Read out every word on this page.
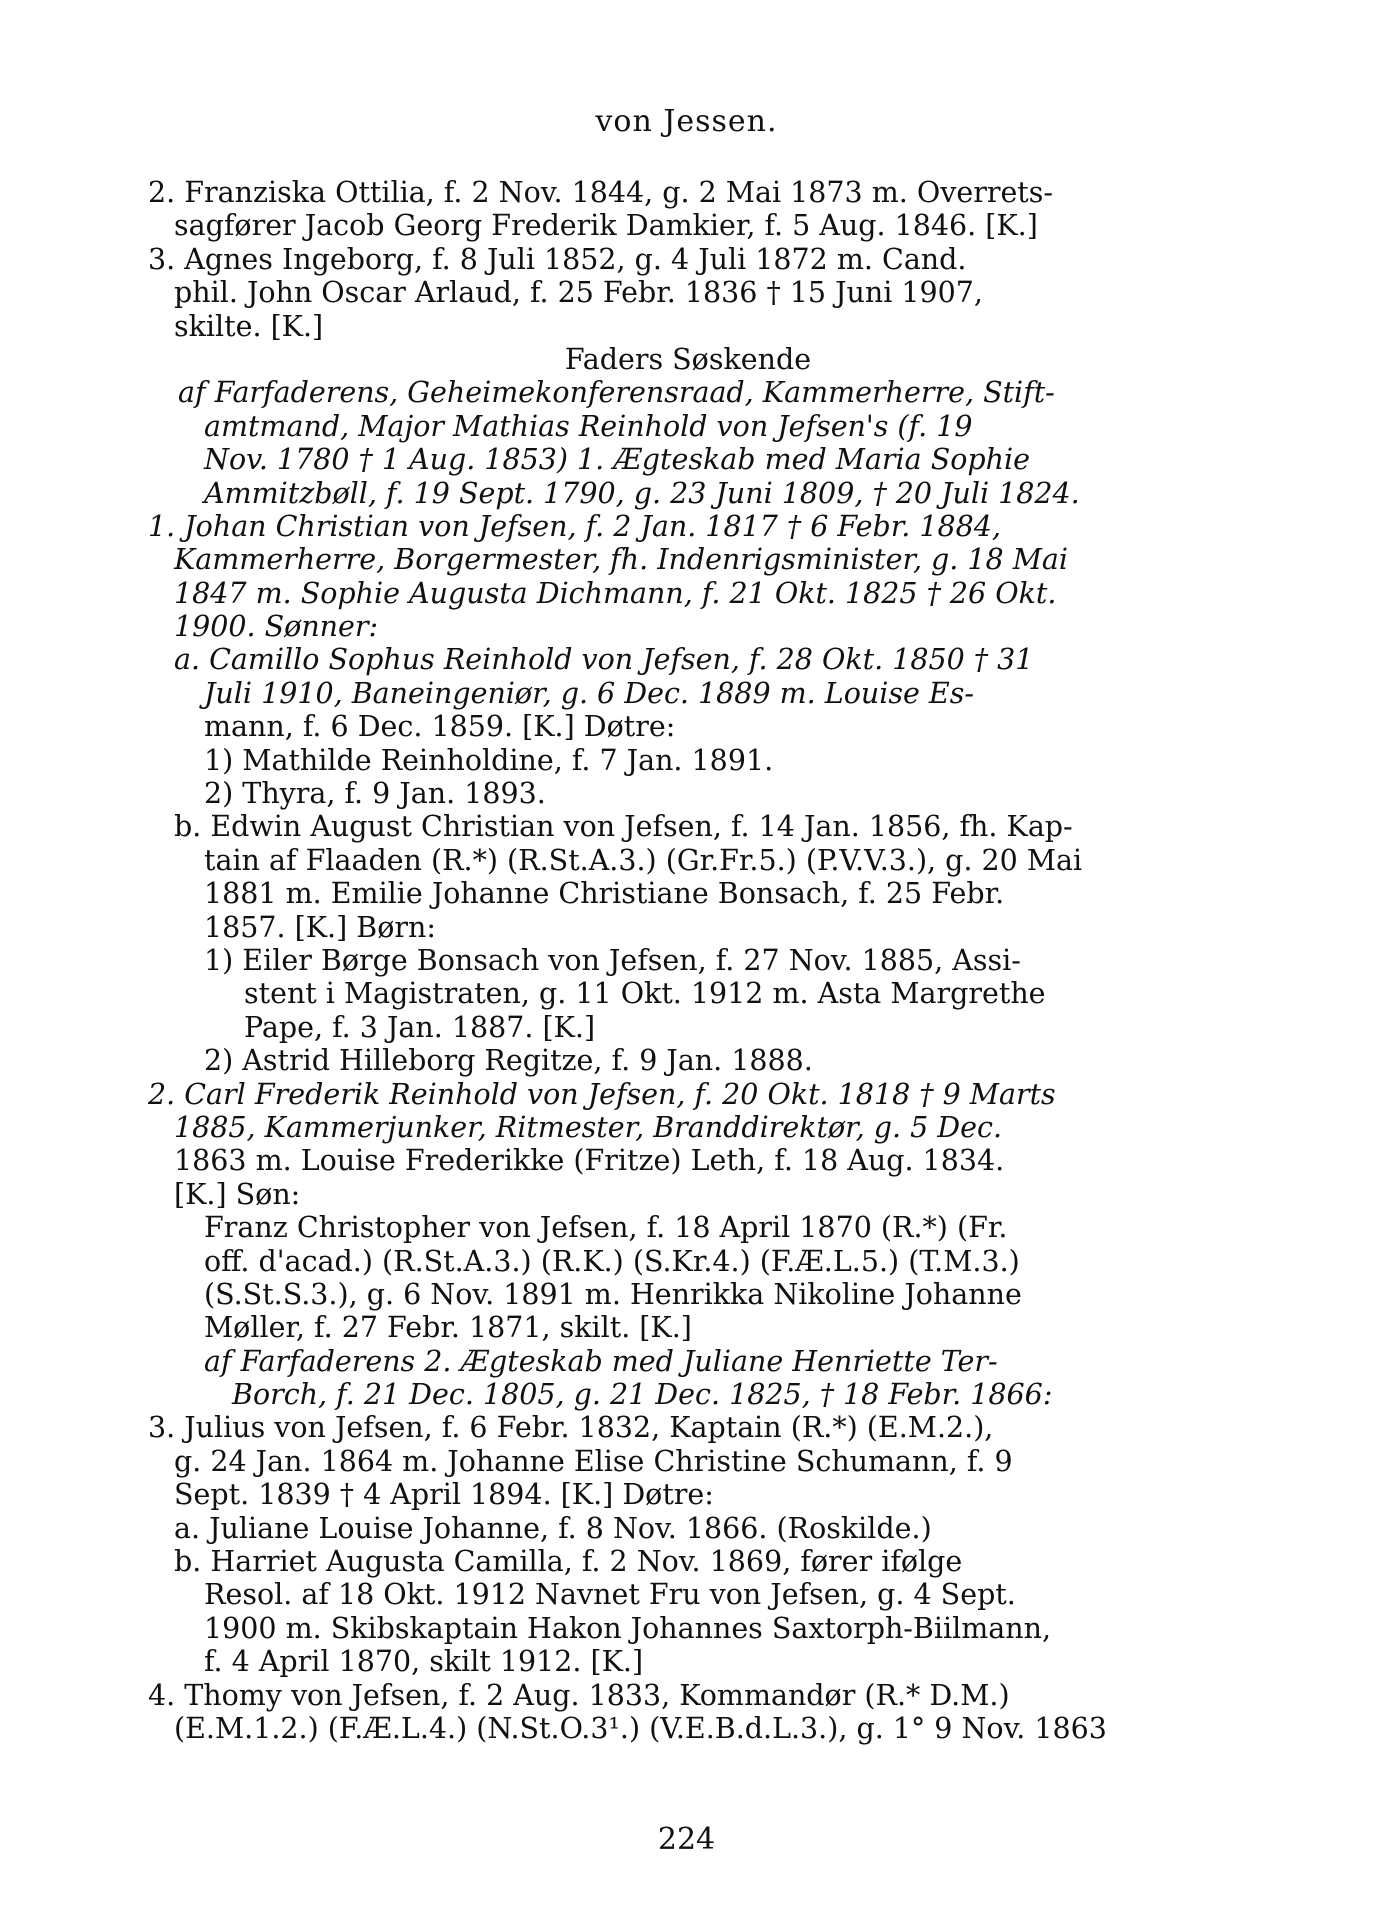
von Jessen.
2. Franziska Ottilia, f. 2 Nov. 1844, g. 2 Mai 1873 m. Overrets-
sagfører Jacob Georg Frederik Damkier, f. 5 Aug. 1846. [K.]
3. Agnes Ingeborg, f. 8 Juli 1852, g. 4 Juli 1872 m. Cand.
phil. John Oscar Arlaud, f. 25 Febr. 1836 † 15 Juni 1907,
skilte. [K.]
Faders Søskende
af Farfaderens, Geheimekonferensraad, Kammerherre, Stift-
amtmand, Major Mathias Reinhold von Jefsen's (f. 19
Nov. 1780 † 1 Aug. 1853) 1. Ægteskab med Maria Sophie
Ammitzbøll, f. 19 Sept. 1790, g. 23 Juni 1809, † 20 Juli 1824.
1. Johan Christian von Jefsen, f. 2 Jan. 1817 † 6 Febr. 1884,
Kammerherre, Borgermester, fh. Indenrigsminister, g. 18 Mai
1847 m. Sophie Augusta Dichmann, f. 21 Okt. 1825 † 26 Okt.
1900. Sønner:
a. Camillo Sophus Reinhold von Jefsen, f. 28 Okt. 1850 † 31
Juli 1910, Baneingeniør, g. 6 Dec. 1889 m. Louise Es-
mann, f. 6 Dec. 1859. [K.] Døtre:
1) Mathilde Reinholdine, f. 7 Jan. 1891.
2) Thyra, f. 9 Jan. 1893.
b. Edwin August Christian von Jefsen, f. 14 Jan. 1856, fh. Kap-
tain af Flaaden (R.*) (R.St.A.3.) (Gr.Fr.5.) (P.V.V.3.), g. 20 Mai
1881 m. Emilie Johanne Christiane Bonsach, f. 25 Febr.
1857. [K.] Børn:
1) Eiler Børge Bonsach von Jefsen, f. 27 Nov. 1885, Assi-
stent i Magistraten, g. 11 Okt. 1912 m. Asta Margrethe
Pape, f. 3 Jan. 1887. [K.]
2) Astrid Hilleborg Regitze, f. 9 Jan. 1888.
2. Carl Frederik Reinhold von Jefsen, f. 20 Okt. 1818 † 9 Marts
1885, Kammerjunker, Ritmester, Branddirektør, g. 5 Dec.
1863 m. Louise Frederikke (Fritze) Leth, f. 18 Aug. 1834.
[K.] Søn:
Franz Christopher von Jefsen, f. 18 April 1870 (R.*) (Fr.
off. d'acad.) (R.St.A.3.) (R.K.) (S.Kr.4.) (F.Æ.L.5.) (T.M.3.)
(S.St.S.3.), g. 6 Nov. 1891 m. Henrikka Nikoline Johanne
Møller, f. 27 Febr. 1871, skilt. [K.]
af Farfaderens 2. Ægteskab med Juliane Henriette Ter-
Borch, f. 21 Dec. 1805, g. 21 Dec. 1825, † 18 Febr. 1866:
3. Julius von Jefsen, f. 6 Febr. 1832, Kaptain (R.*) (E.M.2.),
g. 24 Jan. 1864 m. Johanne Elise Christine Schumann, f. 9
Sept. 1839 † 4 April 1894. [K.] Døtre:
a. Juliane Louise Johanne, f. 8 Nov. 1866. (Roskilde.)
b. Harriet Augusta Camilla, f. 2 Nov. 1869, fører ifølge
Resol. af 18 Okt. 1912 Navnet Fru von Jefsen, g. 4 Sept.
1900 m. Skibskaptain Hakon Johannes Saxtorph-Biilmann,
f. 4 April 1870, skilt 1912. [K.]
4. Thomy von Jefsen, f. 2 Aug. 1833, Kommandør (R.* D.M.)
(E.M.1.2.) (F.Æ.L.4.) (N.St.O.3¹.) (V.E.B.d.L.3.), g. 1° 9 Nov. 1863
224
